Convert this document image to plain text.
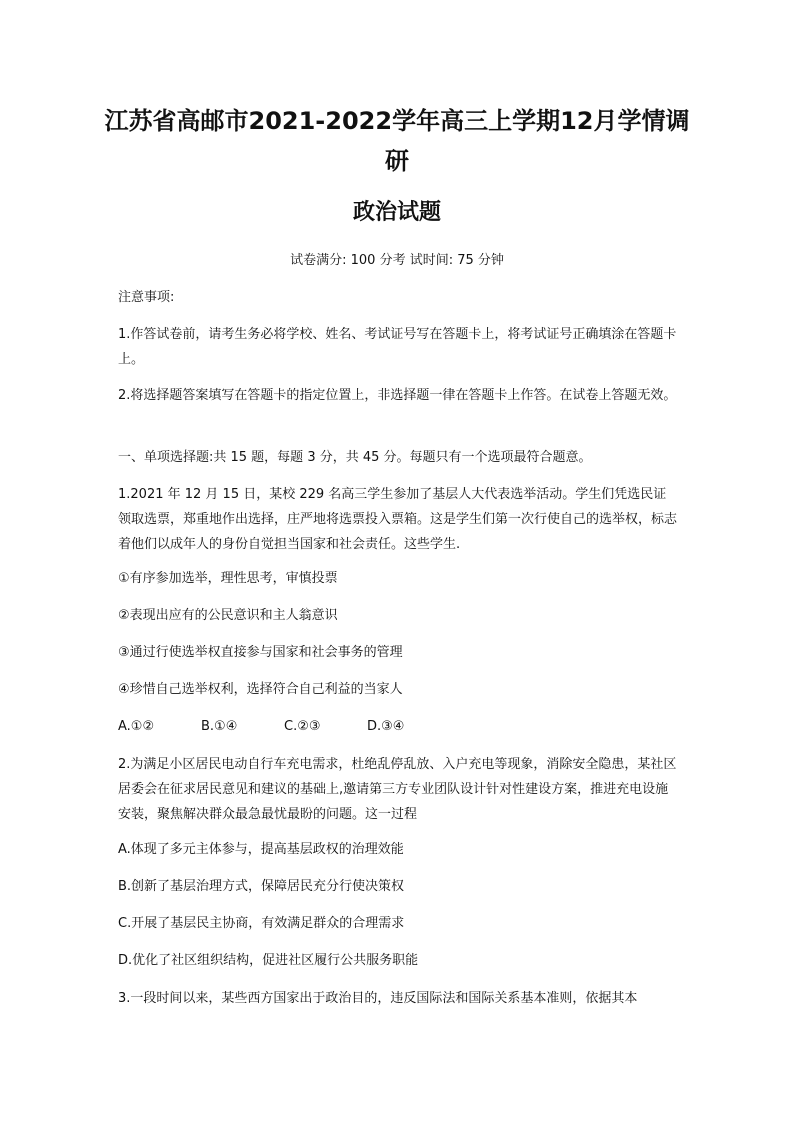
江苏省高邮市2021-2022学年高三上学期12月学情调研
政治试题
试卷满分: 100 分考 试时间: 75 分钟
注意事项:
1.作答试卷前，请考生务必将学校、姓名、考试证号写在答题卡上，将考试证号正确填涂在答题卡上。
2.将选择题答案填写在答题卡的指定位置上，非选择题一律在答题卡上作答。在试卷上答题无效。
一、单项选择题:共 15 题，每题 3 分，共 45 分。每题只有一个选项最符合题意。
1.2021 年 12 月 15 日，某校 229 名高三学生参加了基层人大代表选举活动。学生们凭选民证领取选票，郑重地作出选择，庄严地将选票投入票箱。这是学生们第一次行使自己的选举权，标志着他们以成年人的身份自觉担当国家和社会责任。这些学生.
①有序参加选举，理性思考，审慎投票
②表现出应有的公民意识和主人翁意识
③通过行使选举权直接参与国家和社会事务的管理
④珍惜自己选举权利，选择符合自己利益的当家人
A.①②	B.①④	C.②③	D.③④
2.为满足小区居民电动自行车充电需求，杜绝乱停乱放、入户充电等现象，消除安全隐患，某社区居委会在征求居民意见和建议的基础上,邀请第三方专业团队设计针对性建设方案，推进充电设施安装，聚焦解决群众最急最忧最盼的问题。这一过程
A.体现了多元主体参与，提高基层政权的治理效能
B.创新了基层治理方式，保障居民充分行使决策权
C.开展了基层民主协商，有效满足群众的合理需求
D.优化了社区组织结构，促进社区履行公共服务职能
3.一段时间以来，某些西方国家出于政治目的，违反国际法和国际关系基本准则，依据其本
